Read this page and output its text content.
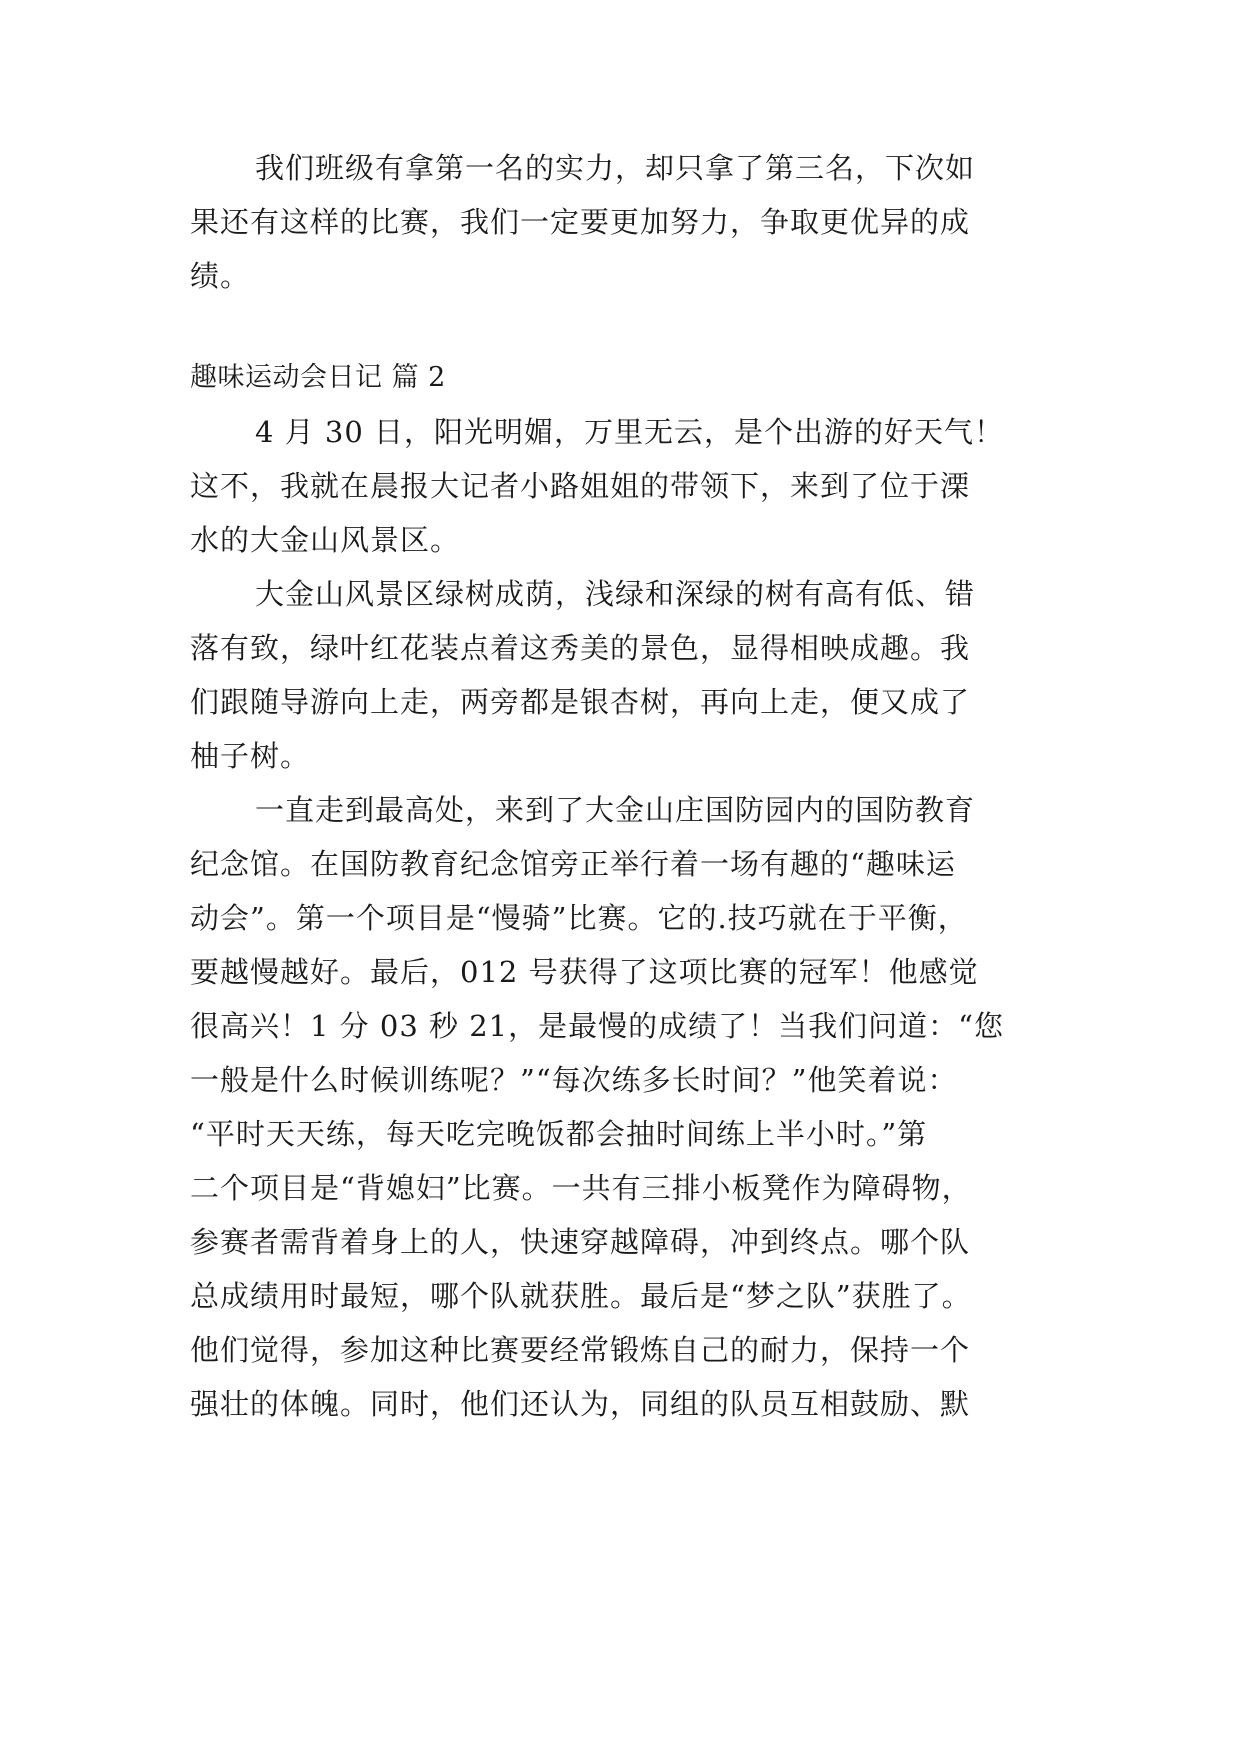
我们班级有拿第一名的实力，却只拿了第三名，下次如
果还有这样的比赛，我们一定要更加努力，争取更优异的成
绩。
趣味运动会日记 篇 2
4 月 30 日，阳光明媚，万里无云，是个出游的好天气！
这不，我就在晨报大记者小路姐姐的带领下，来到了位于溧
水的大金山风景区。
大金山风景区绿树成荫，浅绿和深绿的树有高有低、错
落有致，绿叶红花装点着这秀美的景色，显得相映成趣。我
们跟随导游向上走，两旁都是银杏树，再向上走，便又成了
柚子树。
一直走到最高处，来到了大金山庄国防园内的国防教育
纪念馆。在国防教育纪念馆旁正举行着一场有趣的“趣味运
动会”。第一个项目是“慢骑”比赛。它的.技巧就在于平衡，
要越慢越好。最后，012 号获得了这项比赛的冠军！他感觉
很高兴！1 分 03 秒 21，是最慢的成绩了！当我们问道：“您
一般是什么时候训练呢？”“每次练多长时间？”他笑着说：
“平时天天练，每天吃完晚饭都会抽时间练上半小时。”第
二个项目是“背媳妇”比赛。一共有三排小板凳作为障碍物，
参赛者需背着身上的人，快速穿越障碍，冲到终点。哪个队
总成绩用时最短，哪个队就获胜。最后是“梦之队”获胜了。
他们觉得，参加这种比赛要经常锻炼自己的耐力，保持一个
强壮的体魄。同时，他们还认为，同组的队员互相鼓励、默
